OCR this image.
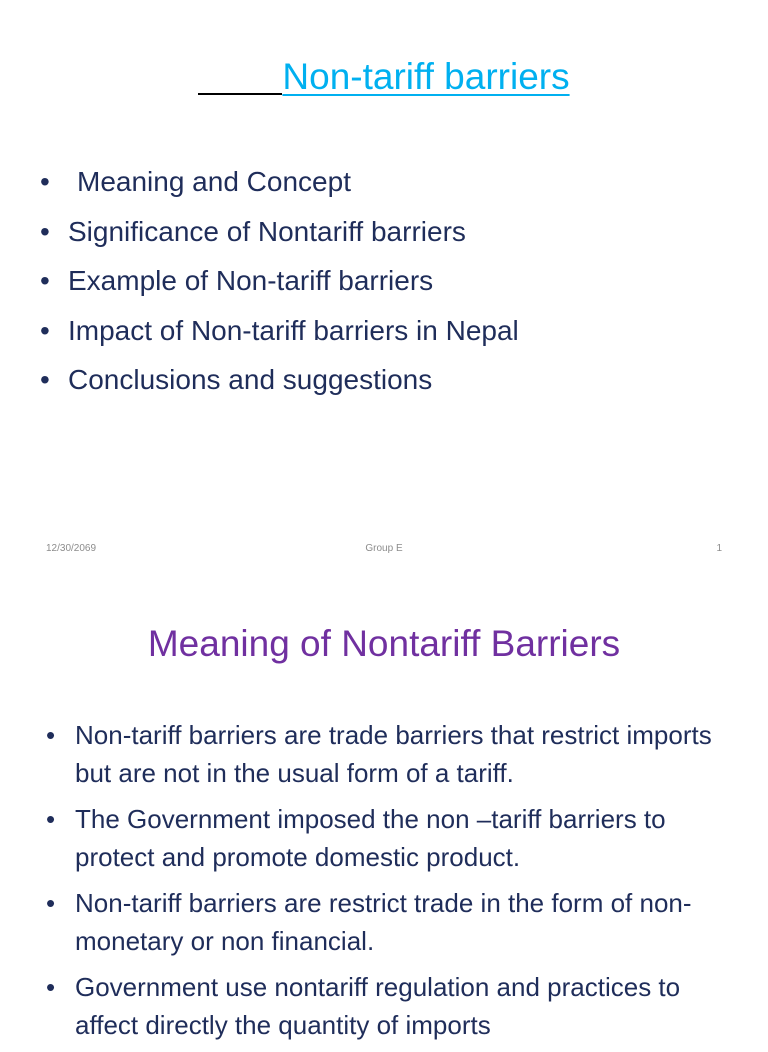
Non-tariff barriers
• Meaning and Concept
• Significance of Nontariff barriers
• Example of Non-tariff barriers
• Impact of Non-tariff barriers in Nepal
• Conclusions and suggestions
12/30/2069	Group E	1
Meaning of Nontariff Barriers
• Non-tariff barriers are trade barriers that restrict imports but are not in the usual form of a tariff.
• The Government imposed the non –tariff barriers to protect and promote domestic product.
• Non-tariff barriers are restrict trade in the form of non-monetary or non financial.
• Government use nontariff regulation and practices to affect directly the quantity of imports
